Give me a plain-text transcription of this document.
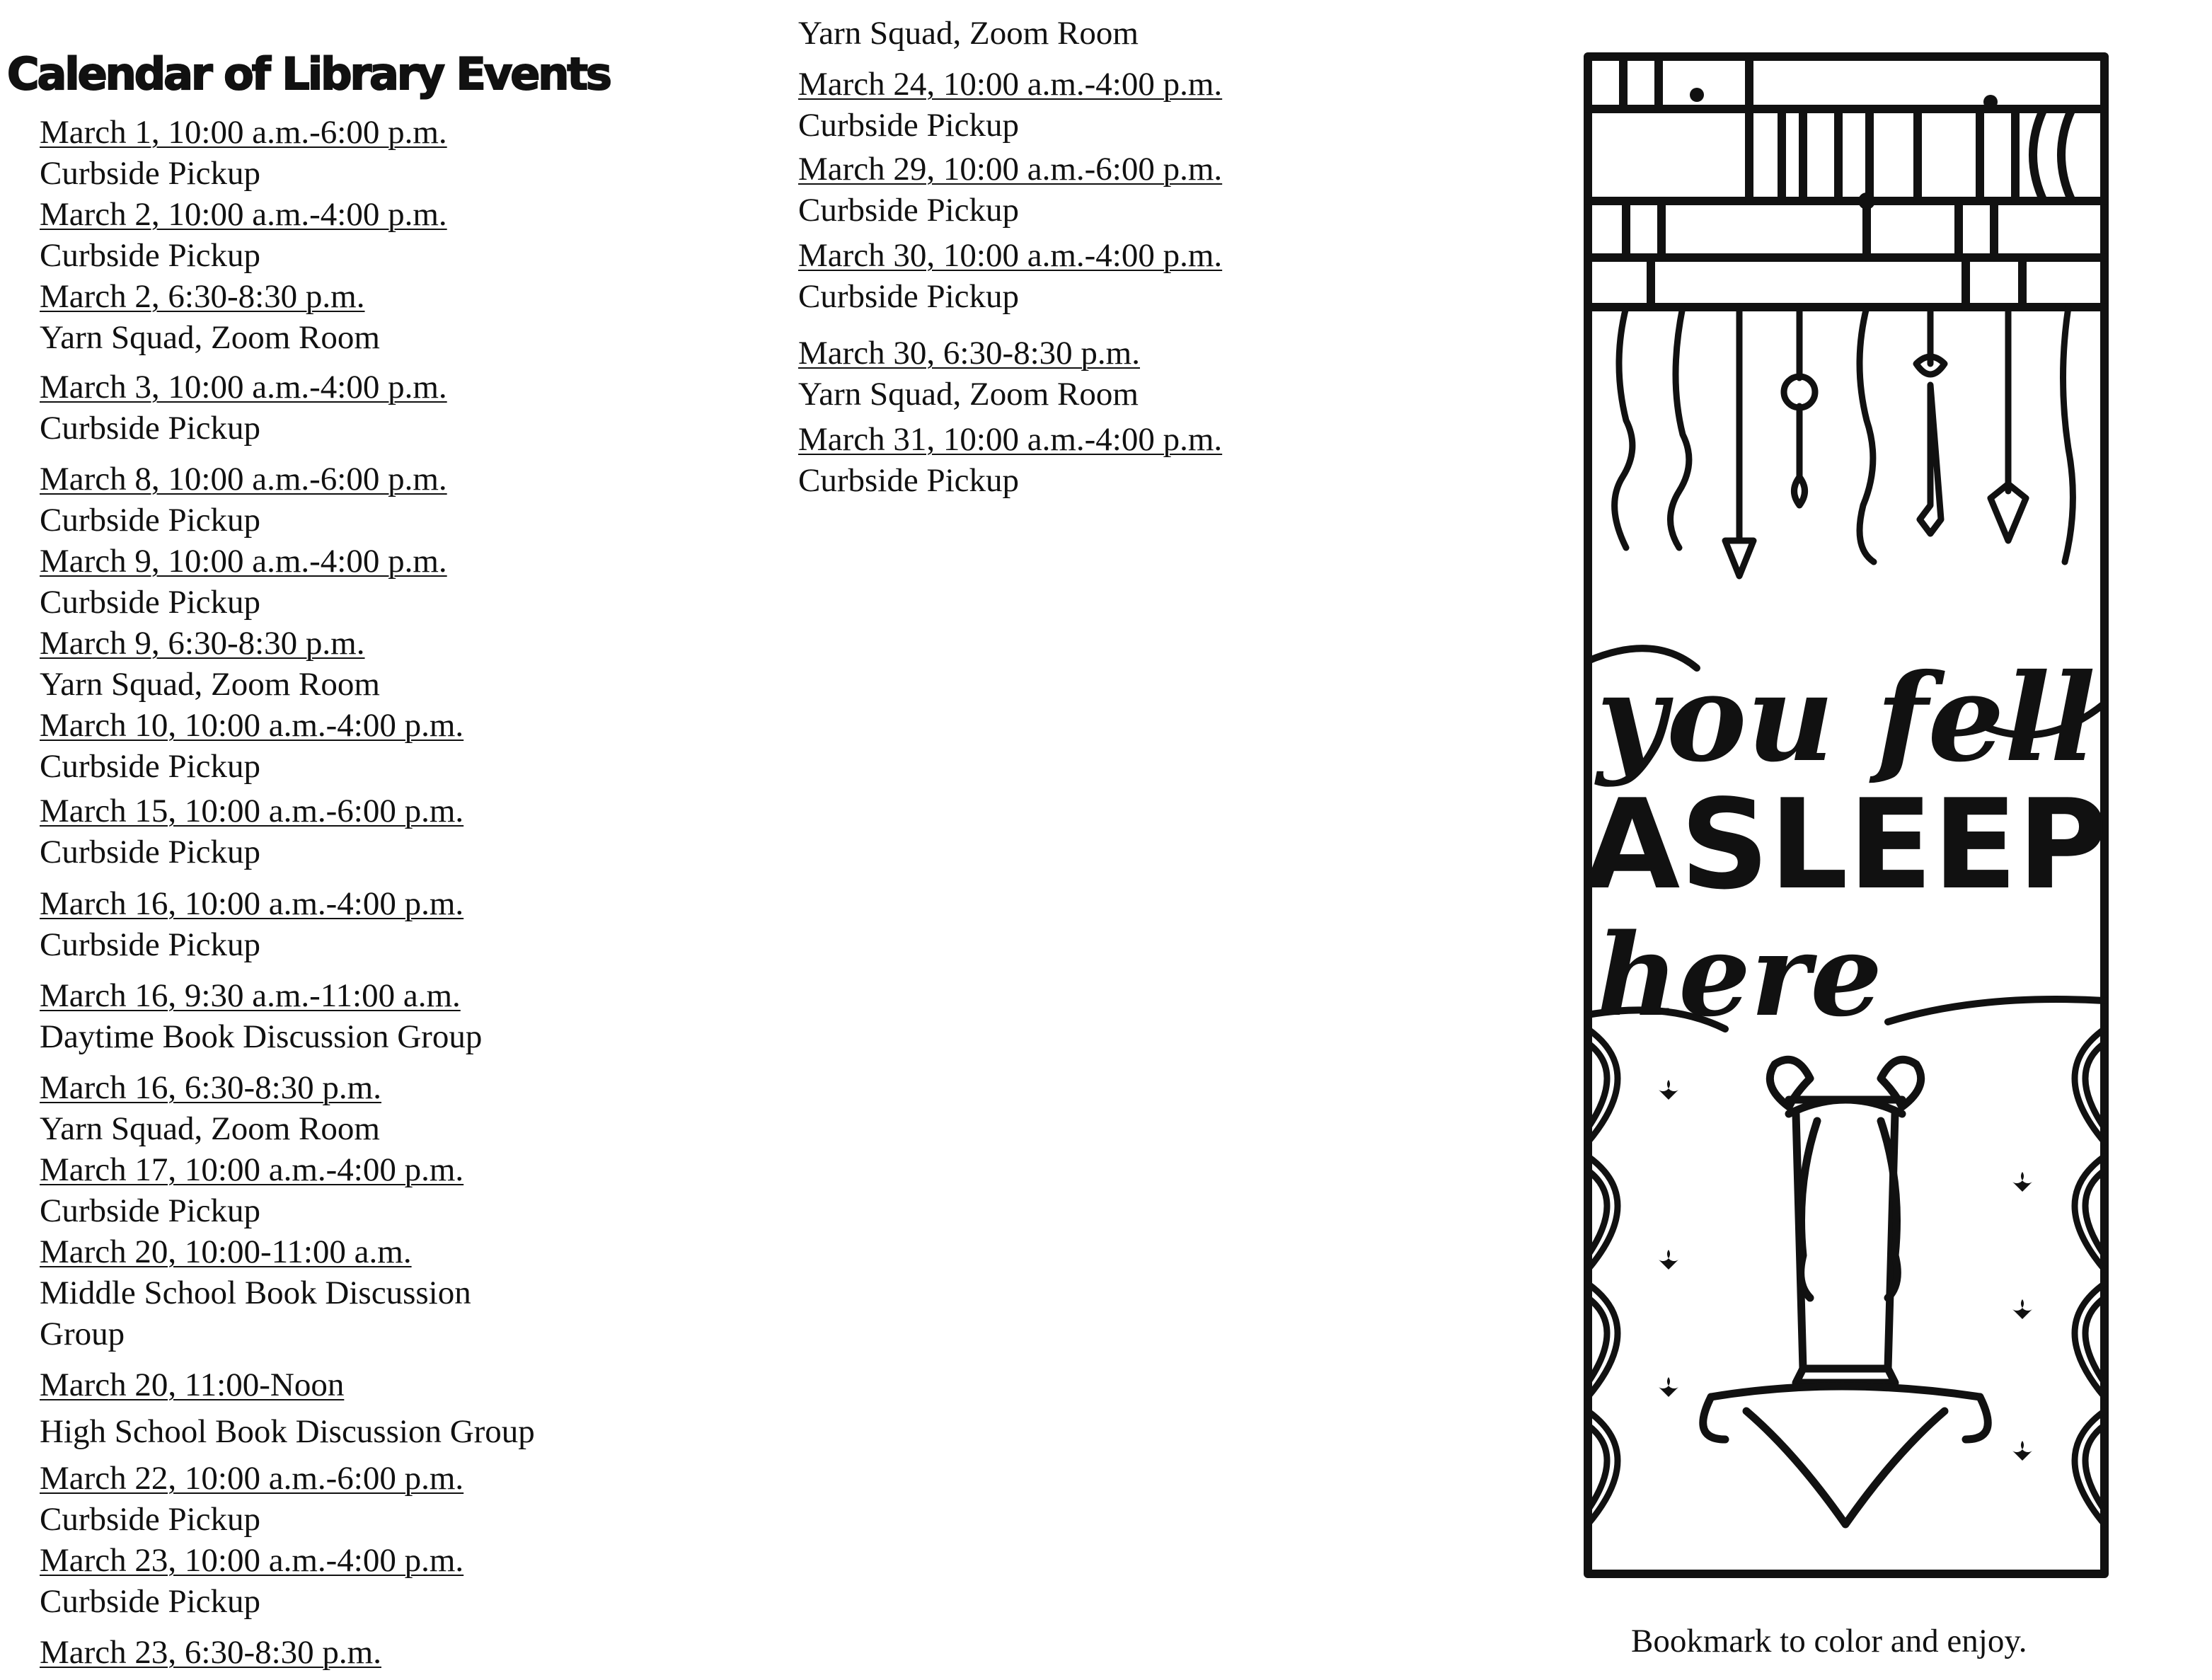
Calendar of Library Events
March 1, 10:00 a.m.-6:00 p.m.
Curbside Pickup
March 2, 10:00 a.m.-4:00 p.m.
Curbside Pickup
March 2, 6:30-8:30 p.m.
Yarn Squad, Zoom Room
March 3, 10:00 a.m.-4:00 p.m.
Curbside Pickup
March 8, 10:00 a.m.-6:00 p.m.
Curbside Pickup
March 9, 10:00 a.m.-4:00 p.m.
Curbside Pickup
March 9, 6:30-8:30 p.m.
Yarn Squad, Zoom Room
March 10, 10:00 a.m.-4:00 p.m.
Curbside Pickup
March 15, 10:00 a.m.-6:00 p.m.
Curbside Pickup
March 16, 10:00 a.m.-4:00 p.m.
Curbside Pickup
March 16, 9:30 a.m.-11:00 a.m.
Daytime Book Discussion Group
March 16, 6:30-8:30 p.m.
Yarn Squad, Zoom Room
March 17, 10:00 a.m.-4:00 p.m.
Curbside Pickup
March 20, 10:00-11:00 a.m.
Middle School Book Discussion Group
March 20, 11:00-Noon
High School Book Discussion Group
March 22, 10:00 a.m.-6:00 p.m.
Curbside Pickup
March 23, 10:00 a.m.-4:00 p.m.
Curbside Pickup
March 23, 6:30-8:30 p.m.
Yarn Squad, Zoom Room
March 24, 10:00 a.m.-4:00 p.m.
Curbside Pickup
March 29, 10:00 a.m.-6:00 p.m.
Curbside Pickup
March 30, 10:00 a.m.-4:00 p.m.
Curbside Pickup
March 30, 6:30-8:30 p.m.
Yarn Squad, Zoom Room
March 31, 10:00 a.m.-4:00 p.m.
Curbside Pickup
you fell
ASLEEP
here
Bookmark to color and enjoy.
